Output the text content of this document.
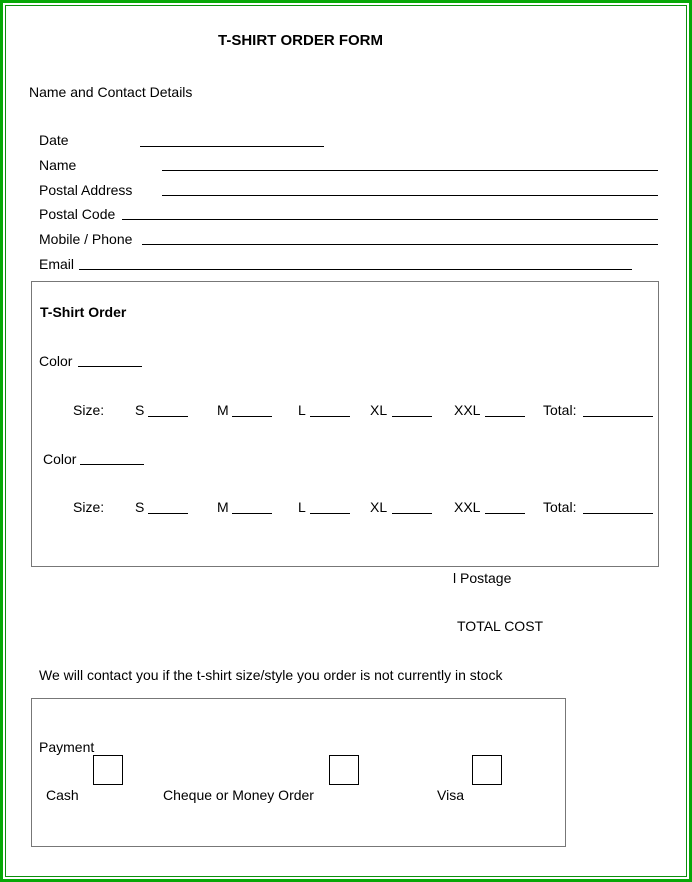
T-SHIRT ORDER FORM
Name and Contact Details
Date
Name
Postal Address
Postal Code
Mobile / Phone
Email
T-Shirt Order
Color
Size: S	M	L	XL	XXL	Total:
Color
Size: S	M	L	XL	XXL	Total:
l Postage
TOTAL COST
We will contact you if the t-shirt size/style you order is not currently in stock
Payment
Cash	Cheque or Money Order	Visa
